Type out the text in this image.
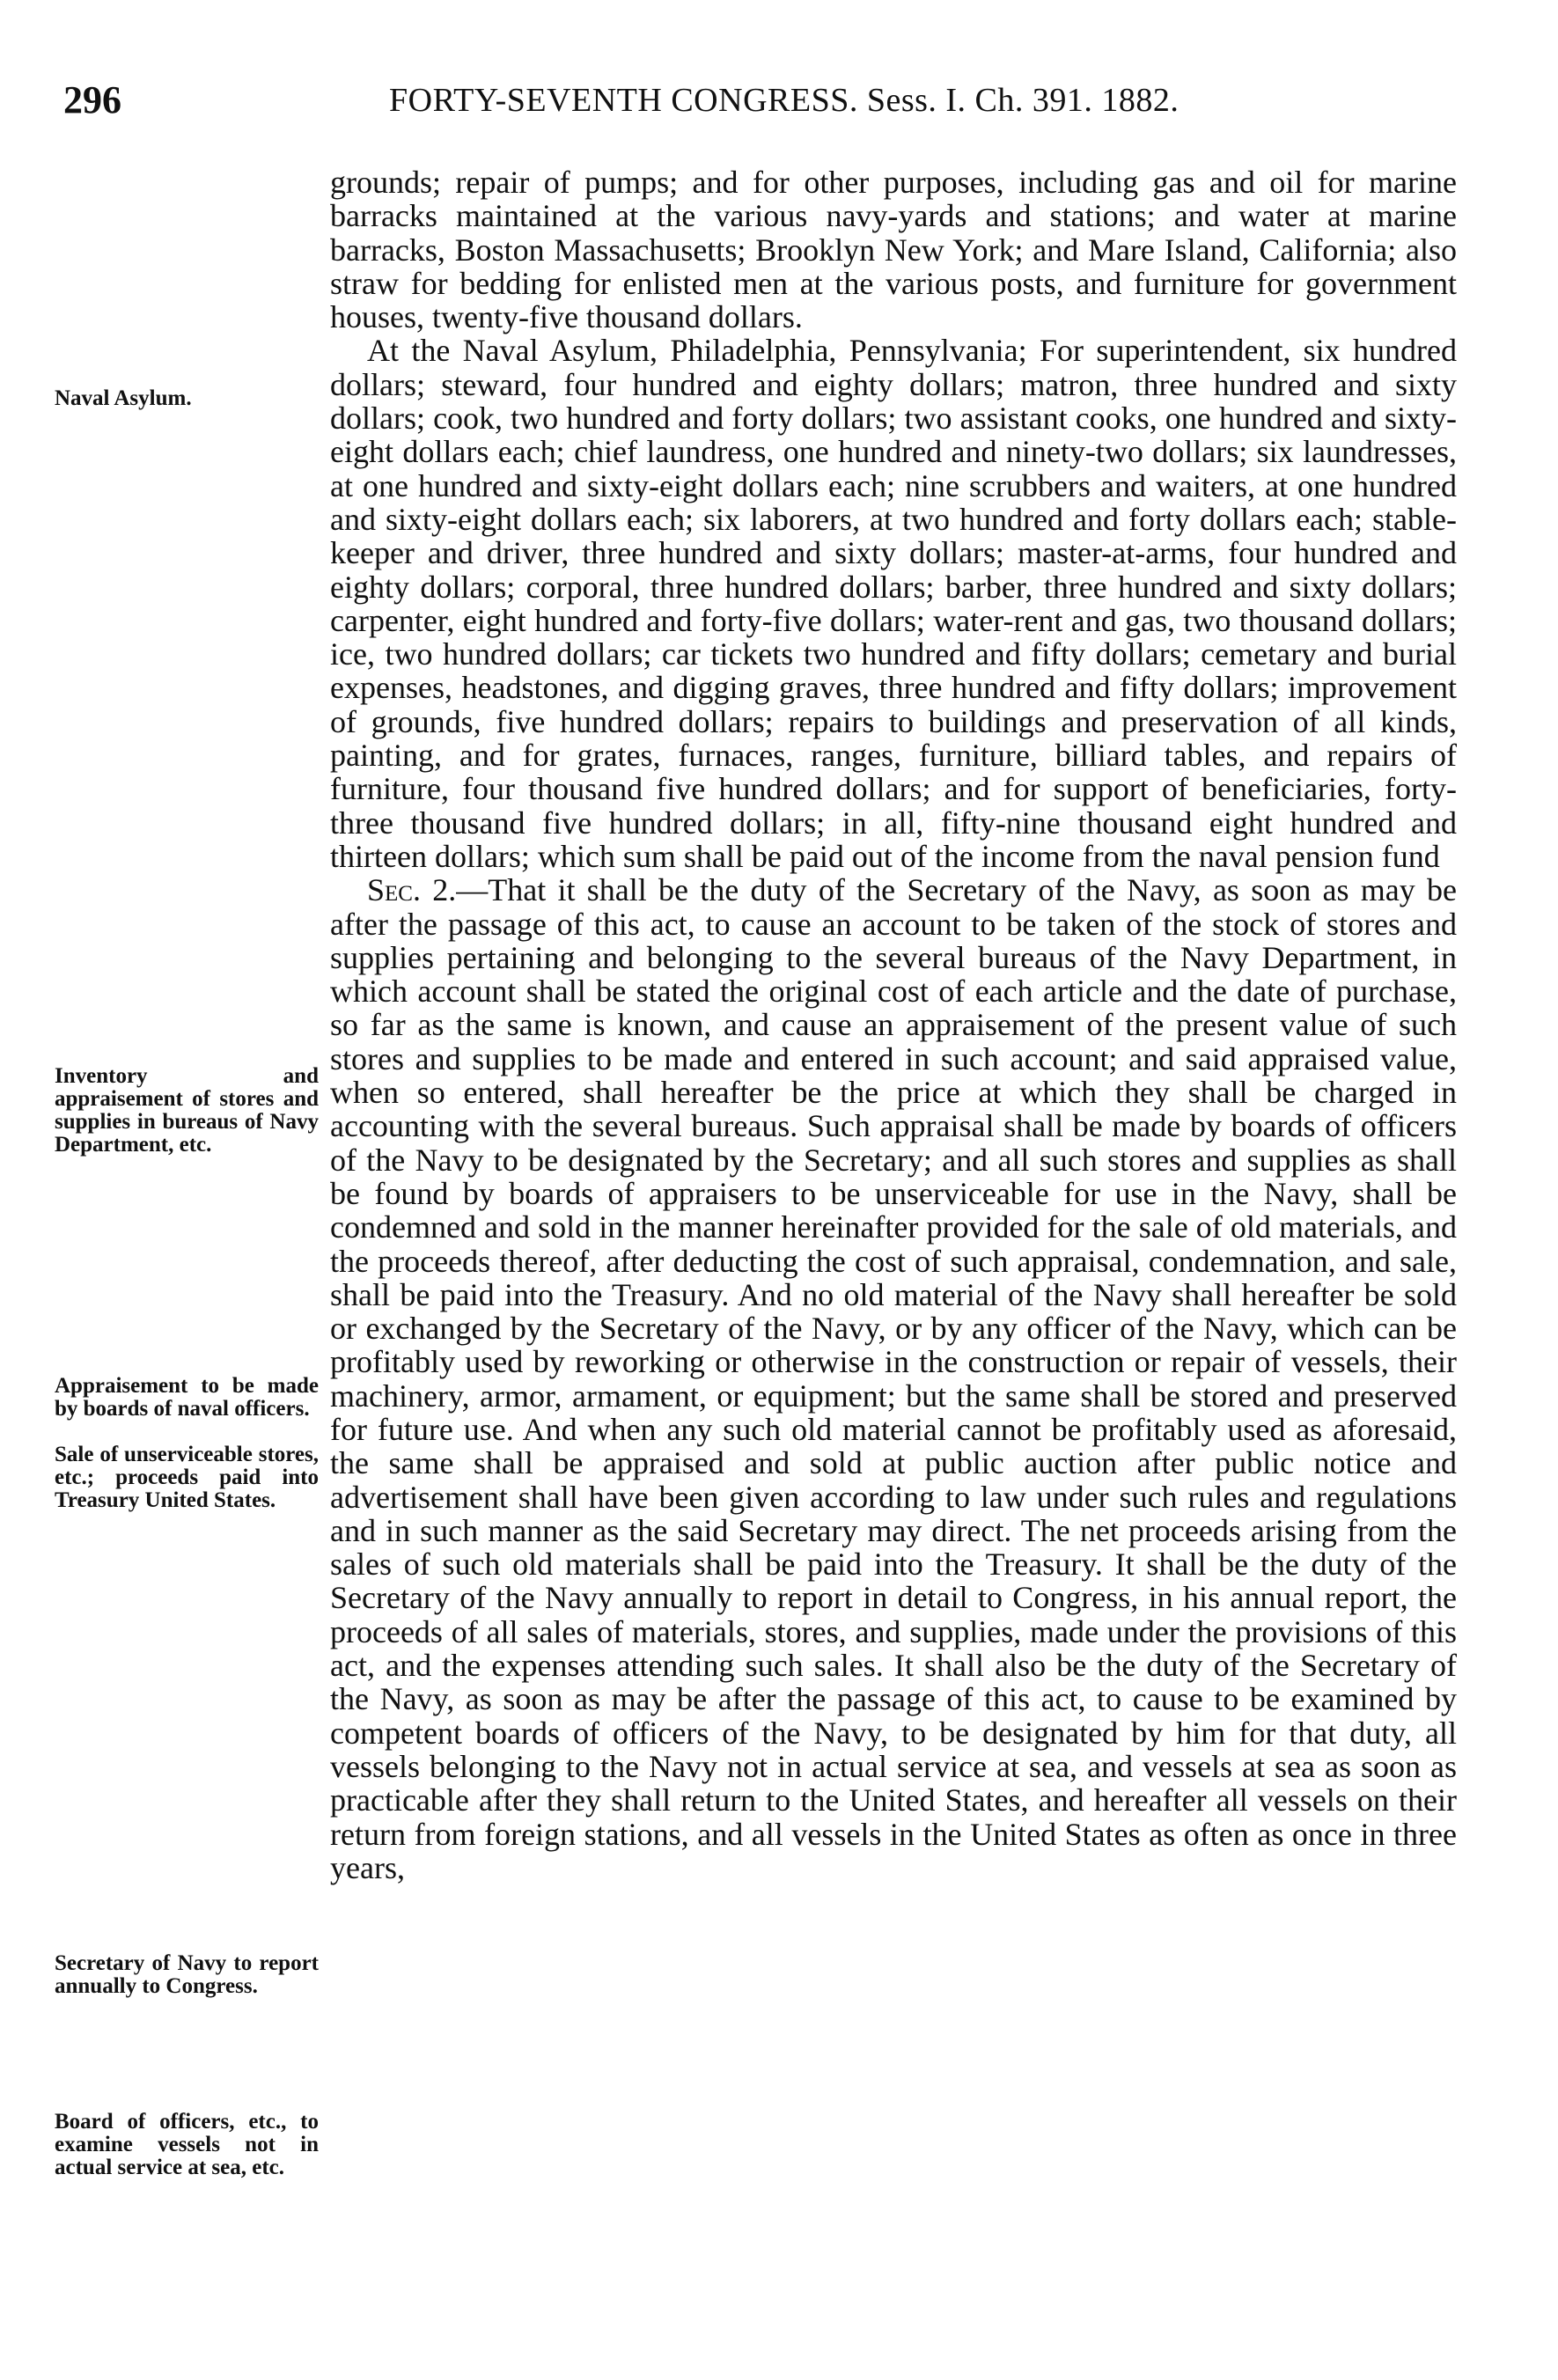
296	FORTY-SEVENTH CONGRESS. Sess. I. Ch. 391. 1882.
Naval Asylum.
Inventory and appraisement of stores and supplies in bureaus of Navy Department, etc.
Appraisement to be made by boards of naval officers.
Sale of unserviceable stores, etc.; proceeds paid into Treasury United States.
Secretary of Navy to report annually to Congress.
Board of officers, etc., to examine vessels not in actual service at sea, etc.

grounds; repair of pumps; and for other purposes, including gas and oil for marine barracks maintained at the various navy-yards and stations; and water at marine barracks, Boston Massachusetts; Brooklyn New York; and Mare Island, California; also straw for bedding for enlisted men at the various posts, and furniture for government houses, twenty-five thousand dollars.

At the Naval Asylum, Philadelphia, Pennsylvania; For superintendent, six hundred dollars; steward, four hundred and eighty dollars; matron, three hundred and sixty dollars; cook, two hundred and forty dollars; two assistant cooks, one hundred and sixty-eight dollars each; chief laundress, one hundred and ninety-two dollars; six laundresses, at one hundred and sixty-eight dollars each; nine scrubbers and waiters, at one hundred and sixty-eight dollars each; six laborers, at two hundred and forty dollars each; stable-keeper and driver, three hundred and sixty dollars; master-at-arms, four hundred and eighty dollars; corporal, three hundred dollars; barber, three hundred and sixty dollars; carpenter, eight hundred and forty-five dollars; water-rent and gas, two thousand dollars; ice, two hundred dollars; car tickets two hundred and fifty dollars; cemetary and burial expenses, headstones, and digging graves, three hundred and fifty dollars; improvement of grounds, five hundred dollars; repairs to buildings and preservation of all kinds, painting, and for grates, furnaces, ranges, furniture, billiard tables, and repairs of furniture, four thousand five hundred dollars; and for support of beneficiaries, forty-three thousand five hundred dollars; in all, fifty-nine thousand eight hundred and thirteen dollars; which sum shall be paid out of the income from the naval pension fund

Sec. 2.—That it shall be the duty of the Secretary of the Navy, as soon as may be after the passage of this act, to cause an account to be taken of the stock of stores and supplies pertaining and belonging to the several bureaus of the Navy Department, in which account shall be stated the original cost of each article and the date of purchase, so far as the same is known, and cause an appraisement of the present value of such stores and supplies to be made and entered in such account; and said appraised value, when so entered, shall hereafter be the price at which they shall be charged in accounting with the several bureaus. Such appraisal shall be made by boards of officers of the Navy to be designated by the Secretary; and all such stores and supplies as shall be found by boards of appraisers to be unserviceable for use in the Navy, shall be condemned and sold in the manner hereinafter provided for the sale of old materials, and the proceeds thereof, after deducting the cost of such appraisal, condemnation, and sale, shall be paid into the Treasury. And no old material of the Navy shall hereafter be sold or exchanged by the Secretary of the Navy, or by any officer of the Navy, which can be profitably used by reworking or otherwise in the construction or repair of vessels, their machinery, armor, armament, or equipment; but the same shall be stored and preserved for future use. And when any such old material cannot be profitably used as aforesaid, the same shall be appraised and sold at public auction after public notice and advertisement shall have been given according to law under such rules and regulations and in such manner as the said Secretary may direct. The net proceeds arising from the sales of such old materials shall be paid into the Treasury. It shall be the duty of the Secretary of the Navy annually to report in detail to Congress, in his annual report, the proceeds of all sales of materials, stores, and supplies, made under the provisions of this act, and the expenses attending such sales. It shall also be the duty of the Secretary of the Navy, as soon as may be after the passage of this act, to cause to be examined by competent boards of officers of the Navy, to be designated by him for that duty, all vessels belonging to the Navy not in actual service at sea, and vessels at sea as soon as practicable after they shall return to the United States, and hereafter all vessels on their return from foreign stations, and all vessels in the United States as often as once in three years,
